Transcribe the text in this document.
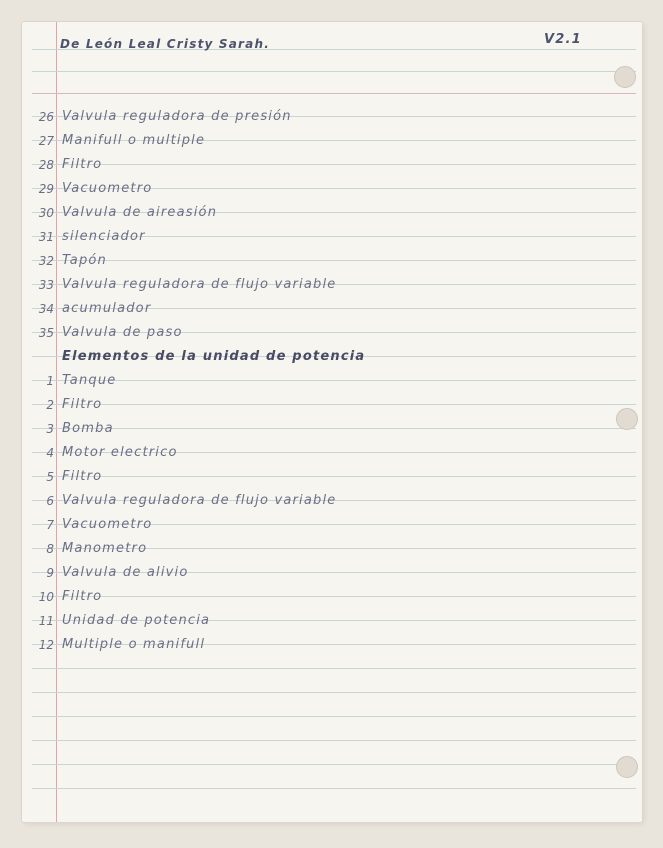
De León Leal Cristy Sarah.	V2.1
26 Valvula reguladora de presión
27 Manifull o multiple
28 Filtro
29 Vacuometro
30 Valvula de aireasión
31 silenciador
32 Tapón
33 Valvula reguladora de flujo variable
34 acumulador
35 Valvula de paso
Elementos de la unidad de potencia
1 Tanque
2 Filtro
3 Bomba
4 Motor electrico
5 Filtro
6 Valvula reguladora de flujo variable
7 Vacuometro
8 Manometro
9 Valvula de alivio
10 Filtro
11 Unidad de potencia
12 Multiple o manifull
